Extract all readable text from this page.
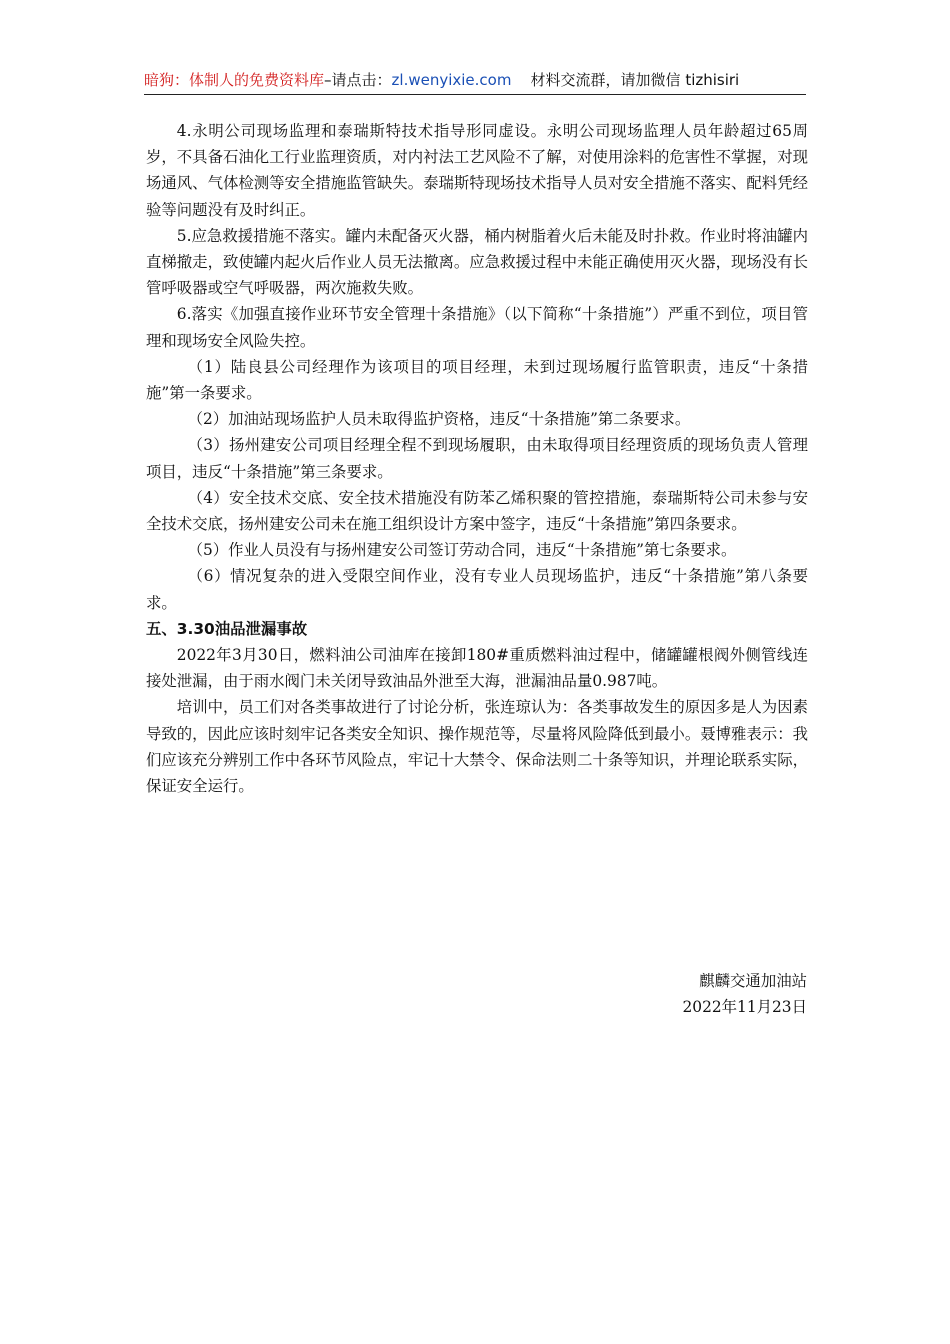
暗狗：体制人的免费资料库–请点击：zl.wenyixie.com 材料交流群，请加微信 tizhisiri

4.永明公司现场监理和泰瑞斯特技术指导形同虚设。永明公司现场监理人员年龄超过65周岁，不具备石油化工行业监理资质，对内衬法工艺风险不了解，对使用涂料的危害性不掌握，对现场通风、气体检测等安全措施监管缺失。泰瑞斯特现场技术指导人员对安全措施不落实、配料凭经验等问题没有及时纠正。

5.应急救援措施不落实。罐内未配备灭火器，桶内树脂着火后未能及时扑救。作业时将油罐内直梯撤走，致使罐内起火后作业人员无法撤离。应急救援过程中未能正确使用灭火器，现场没有长管呼吸器或空气呼吸器，两次施救失败。

6.落实《加强直接作业环节安全管理十条措施》（以下简称“十条措施”）严重不到位，项目管理和现场安全风险失控。

（1）陆良县公司经理作为该项目的项目经理，未到过现场履行监管职责，违反“十条措施”第一条要求。

（2）加油站现场监护人员未取得监护资格，违反“十条措施”第二条要求。

（3）扬州建安公司项目经理全程不到现场履职，由未取得项目经理资质的现场负责人管理项目，违反“十条措施”第三条要求。

（4）安全技术交底、安全技术措施没有防苯乙烯积聚的管控措施，泰瑞斯特公司未参与安全技术交底，扬州建安公司未在施工组织设计方案中签字，违反“十条措施”第四条要求。

（5）作业人员没有与扬州建安公司签订劳动合同，违反“十条措施”第七条要求。

（6）情况复杂的进入受限空间作业，没有专业人员现场监护，违反“十条措施”第八条要求。

五、3.30油品泄漏事故

2022年3月30日，燃料油公司油库在接卸180#重质燃料油过程中，储罐罐根阀外侧管线连接处泄漏，由于雨水阀门未关闭导致油品外泄至大海，泄漏油品量0.987吨。

培训中，员工们对各类事故进行了讨论分析，张连琼认为：各类事故发生的原因多是人为因素导致的，因此应该时刻牢记各类安全知识、操作规范等，尽量将风险降低到最小。聂博雅表示：我们应该充分辨别工作中各环节风险点，牢记十大禁令、保命法则二十条等知识，并理论联系实际，保证安全运行。

麒麟交通加油站
2022年11月23日
